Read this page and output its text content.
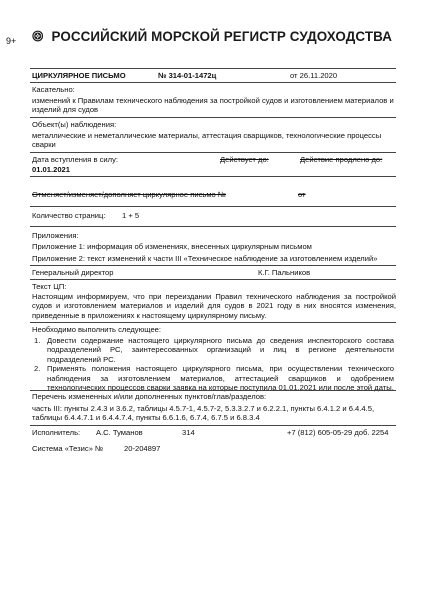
9+	РОССИЙСКИЙ МОРСКОЙ РЕГИСТР СУДОХОДСТВА
ЦИРКУЛЯРНОЕ ПИСЬМО	№ 314-01-1472ц	от 26.11.2020
Касательно:
изменений к Правилам технического наблюдения за постройкой судов и изготовлением материалов и изделий для судов
Объект(ы) наблюдения:
металлические и неметаллические материалы, аттестация сварщиков, технологические процессы сварки
Дата вступления в силу:
01.01.2021
Действует до:	Действие продлено до:
Отменяет/изменяет/дополняет циркулярное письмо №	от
Количество страниц: 1 + 5
Приложения:
Приложение 1: информация об изменениях, внесенных циркулярным письмом
Приложение 2: текст изменений к части III «Техническое наблюдение за изготовлением изделий»
Генеральный директор	К.Г. Пальников
Текст ЦП:
Настоящим информируем, что при переиздании Правил технического наблюдения за постройкой судов и изготовлением материалов и изделий для судов в 2021 году в них вносятся изменения, приведенные в приложениях к настоящему циркулярному письму.
Необходимо выполнить следующее:
1. Довести содержание настоящего циркулярного письма до сведения инспекторского состава подразделений РС, заинтересованных организаций и лиц в регионе деятельности подразделений РС.
2. Применять положения настоящего циркулярного письма, при осуществлении технического наблюдения за изготовлением материалов, аттестацией сварщиков и одобрением технологических процессов сварки заявка на которые поступила 01.01.2021 или после этой даты.
Перечень измененных и/или дополненных пунктов/глав/разделов:
часть III: пункты 2.4.3 и 3.6.2, таблицы 4.5.7-1, 4.5.7-2, 5.3.3.2.7 и 6.2.2.1, пункты 6.4.1.2 и 6.4.4.5, таблицы 6.4.4.7.1 и 6.4.4.7.4, пункты 6.6.1.6, 6.7.4, 6.7.5 и 6.8.3.4
Исполнитель: А.С. Туманов	314	+7 (812) 605-05-29 доб. 2254
Система «Тезис» №	20-204897
